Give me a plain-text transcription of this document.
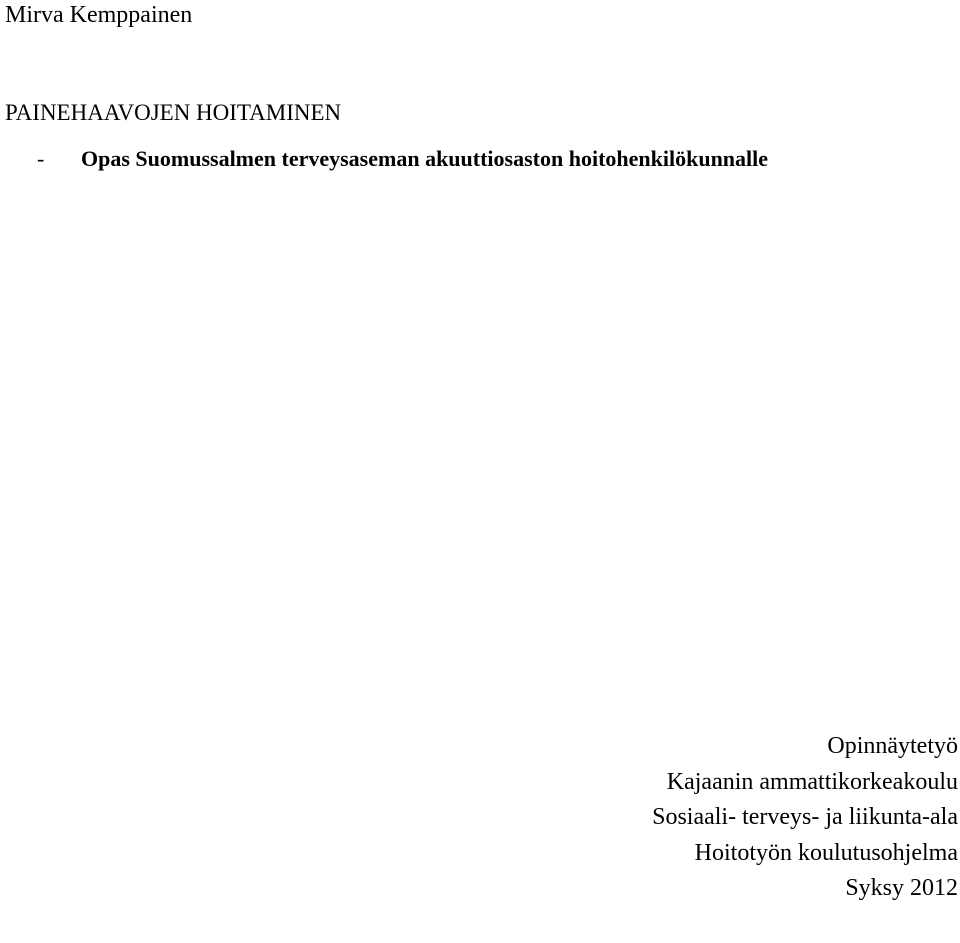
Mirva Kemppainen
PAINEHAAVOJEN HOITAMINEN
- Opas Suomussalmen terveysaseman akuuttiosaston hoitohenkilökunnalle
Opinnäytetyö
Kajaanin ammattikorkeakoulu
Sosiaali- terveys- ja liikunta-ala
Hoitotyön koulutusohjelma
Syksy 2012
